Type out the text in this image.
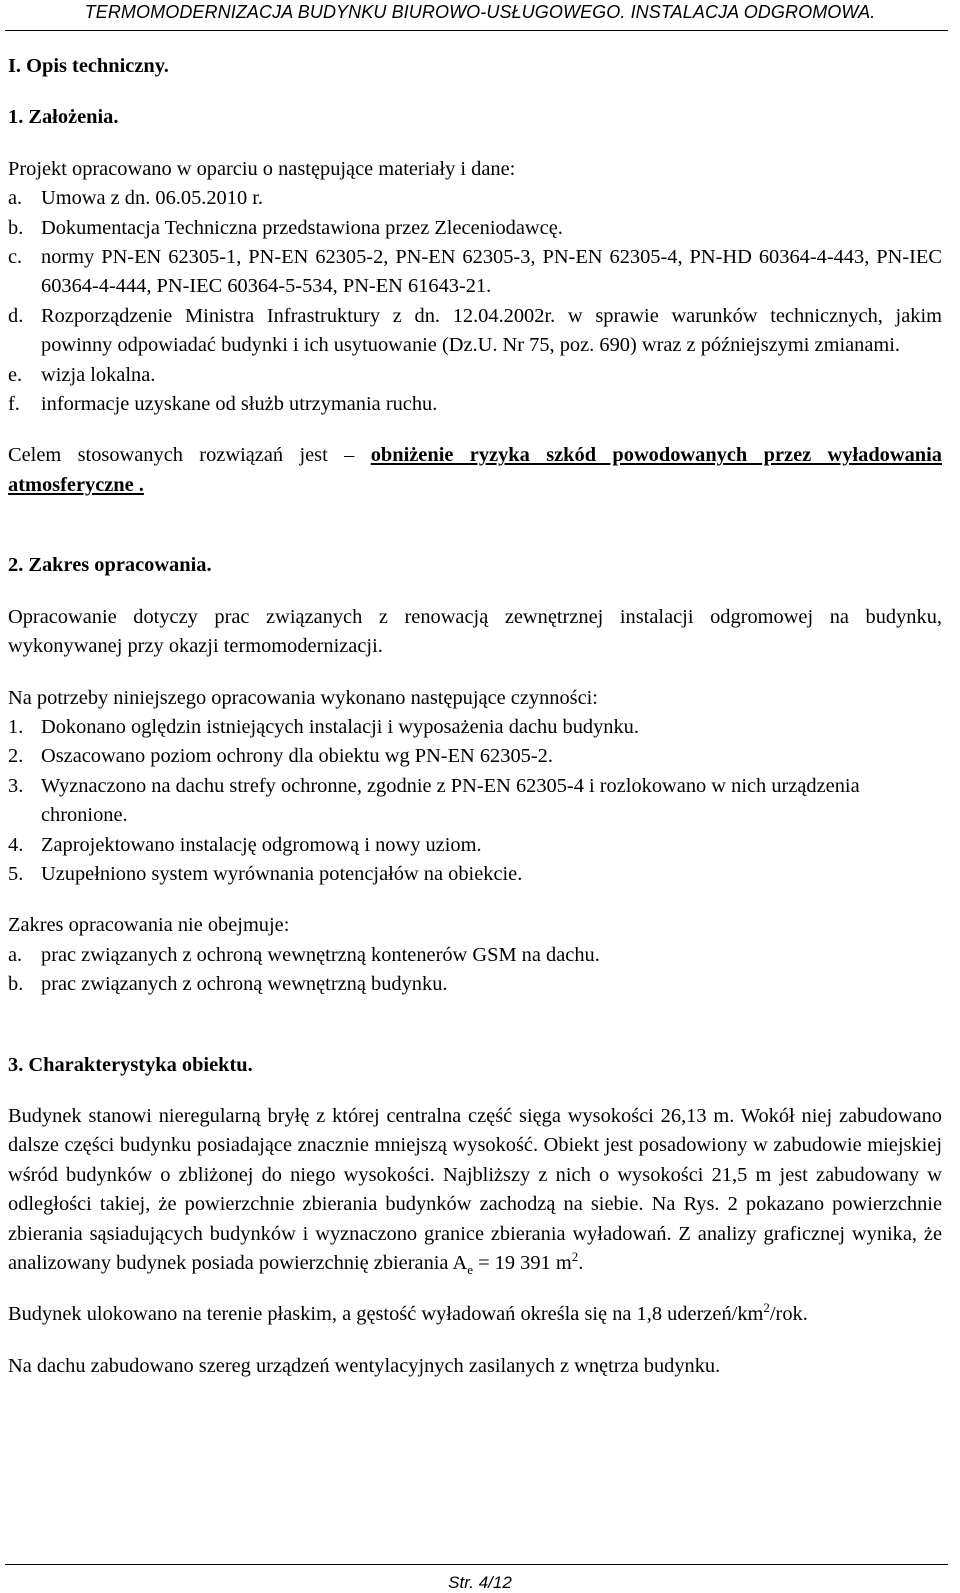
TERMOMODERNIZACJA BUDYNKU BIUROWO-USŁUGOWEGO. INSTALACJA ODGROMOWA.

I. Opis techniczny.

1. Założenia.

Projekt opracowano w oparciu o następujące materiały i dane:

a. Umowa z dn. 06.05.2010 r.
b. Dokumentacja Techniczna przedstawiona przez Zleceniodawcę.
c. normy PN-EN 62305-1, PN-EN 62305-2, PN-EN 62305-3, PN-EN 62305-4, PN-HD 60364-4-443, PN-IEC 60364-4-444, PN-IEC 60364-5-534, PN-EN 61643-21.
d. Rozporządzenie Ministra Infrastruktury z dn. 12.04.2002r. w sprawie warunków technicznych, jakim powinny odpowiadać budynki i ich usytuowanie (Dz.U. Nr 75, poz. 690) wraz z późniejszymi zmianami.
e. wizja lokalna.
f.	informacje uzyskane od służb utrzymania ruchu.

Celem stosowanych rozwiązań jest – obniżenie ryzyka szkód powodowanych przez wyładowania atmosferyczne .

2. Zakres opracowania.

Opracowanie dotyczy prac związanych z renowacją zewnętrznej instalacji odgromowej na budynku, wykonywanej przy okazji termomodernizacji.

Na potrzeby niniejszego opracowania wykonano następujące czynności:

1. Dokonano oględzin istniejących instalacji i wyposażenia dachu budynku.
2. Oszacowano poziom ochrony dla obiektu wg PN-EN 62305-2.
3. Wyznaczono na dachu strefy ochronne, zgodnie z PN-EN 62305-4 i rozlokowano w nich urządzenia chronione.
4. Zaprojektowano instalację odgromową i nowy uziom.
5. Uzupełniono system wyrównania potencjałów na obiekcie.

Zakres opracowania nie obejmuje:

a. prac związanych z ochroną wewnętrzną kontenerów GSM na dachu.
b. prac związanych z ochroną wewnętrzną budynku.

3. Charakterystyka obiektu.

Budynek stanowi nieregularną bryłę z której centralna część sięga wysokości 26,13 m. Wokół niej zabudowano dalsze części budynku posiadające znacznie mniejszą wysokość. Obiekt jest posadowiony w zabudowie miejskiej wśród budynków o zbliżonej do niego wysokości. Najbliższy z nich o wysokości 21,5 m jest zabudowany w odległości takiej, że powierzchnie zbierania budynków zachodzą na siebie. Na Rys. 2 pokazano powierzchnie zbierania sąsiadujących budynków i wyznaczono granice zbierania wyładowań. Z analizy graficznej wynika, że analizowany budynek posiada powierzchnię zbierania $A_e = 19$ 391 $m^2$.

Budynek ulokowano na terenie płaskim, a gęstość wyładowań określa się na 1,8 uderzeń/$km^2$/rok.

Na dachu zabudowano szereg urządzeń wentylacyjnych zasilanych z wnętrza budynku.

Str. 4/12
